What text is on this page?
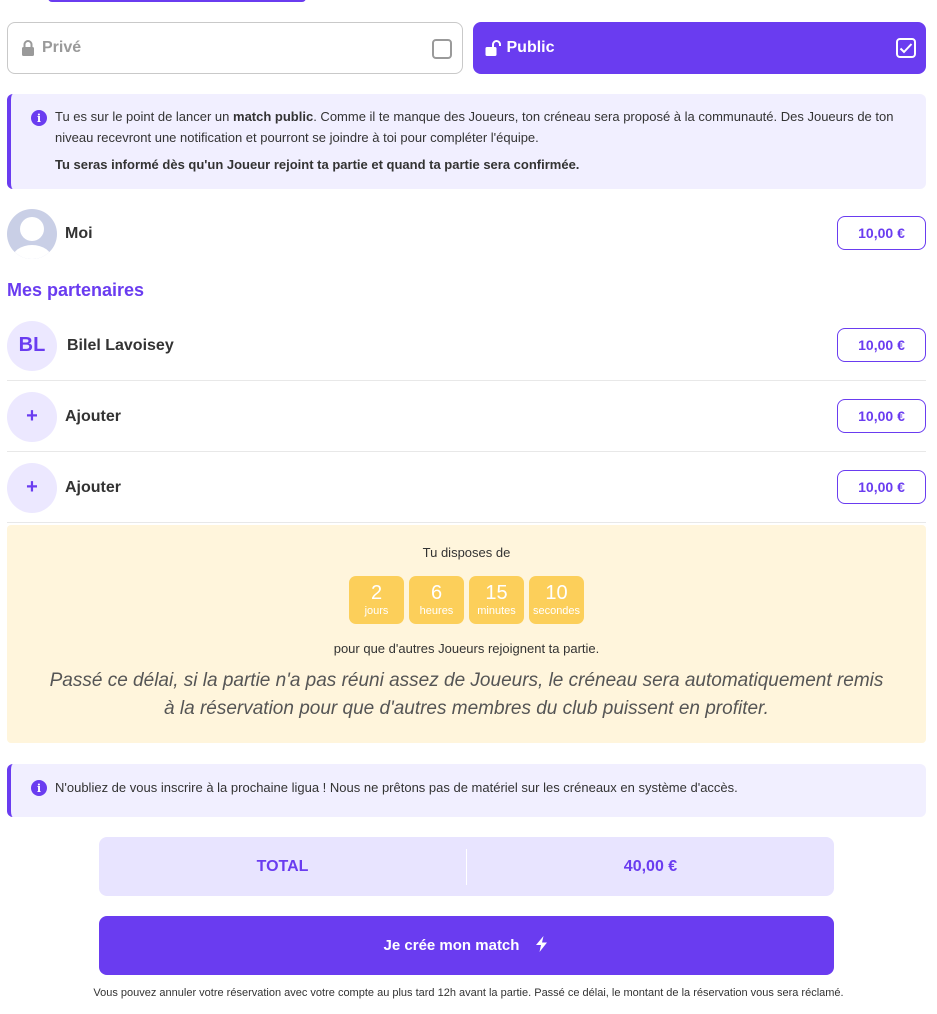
Privé	Public
i	Tu es sur le point de lancer un match public. Comme il te manque des Joueurs, ton créneau sera proposé à la communauté. Des Joueurs de ton niveau recevront une notification et pourront se joindre à toi pour compléter l'équipe.
Tu seras informé dès qu'un Joueur rejoint ta partie et quand ta partie sera confirmée.
Moi	10,00 €
Mes partenaires
BL	Bilel Lavoisey	10,00 €
+	Ajouter	10,00 €
+	Ajouter	10,00 €
Tu disposes de
2
jours
6
heures
15
minutes
10
secondes
pour que d'autres Joueurs rejoignent ta partie.
Passé ce délai, si la partie n'a pas réuni assez de Joueurs, le créneau sera automatiquement remis à la réservation pour que d'autres membres du club puissent en profiter.
i	N'oubliez de vous inscrire à la prochaine ligua ! Nous ne prêtons pas de matériel sur les créneaux en système d'accès.
TOTAL	40,00 €
Je crée mon match
Vous pouvez annuler votre réservation avec votre compte au plus tard 12h avant la partie. Passé ce délai, le montant de la réservation vous sera réclamé.
